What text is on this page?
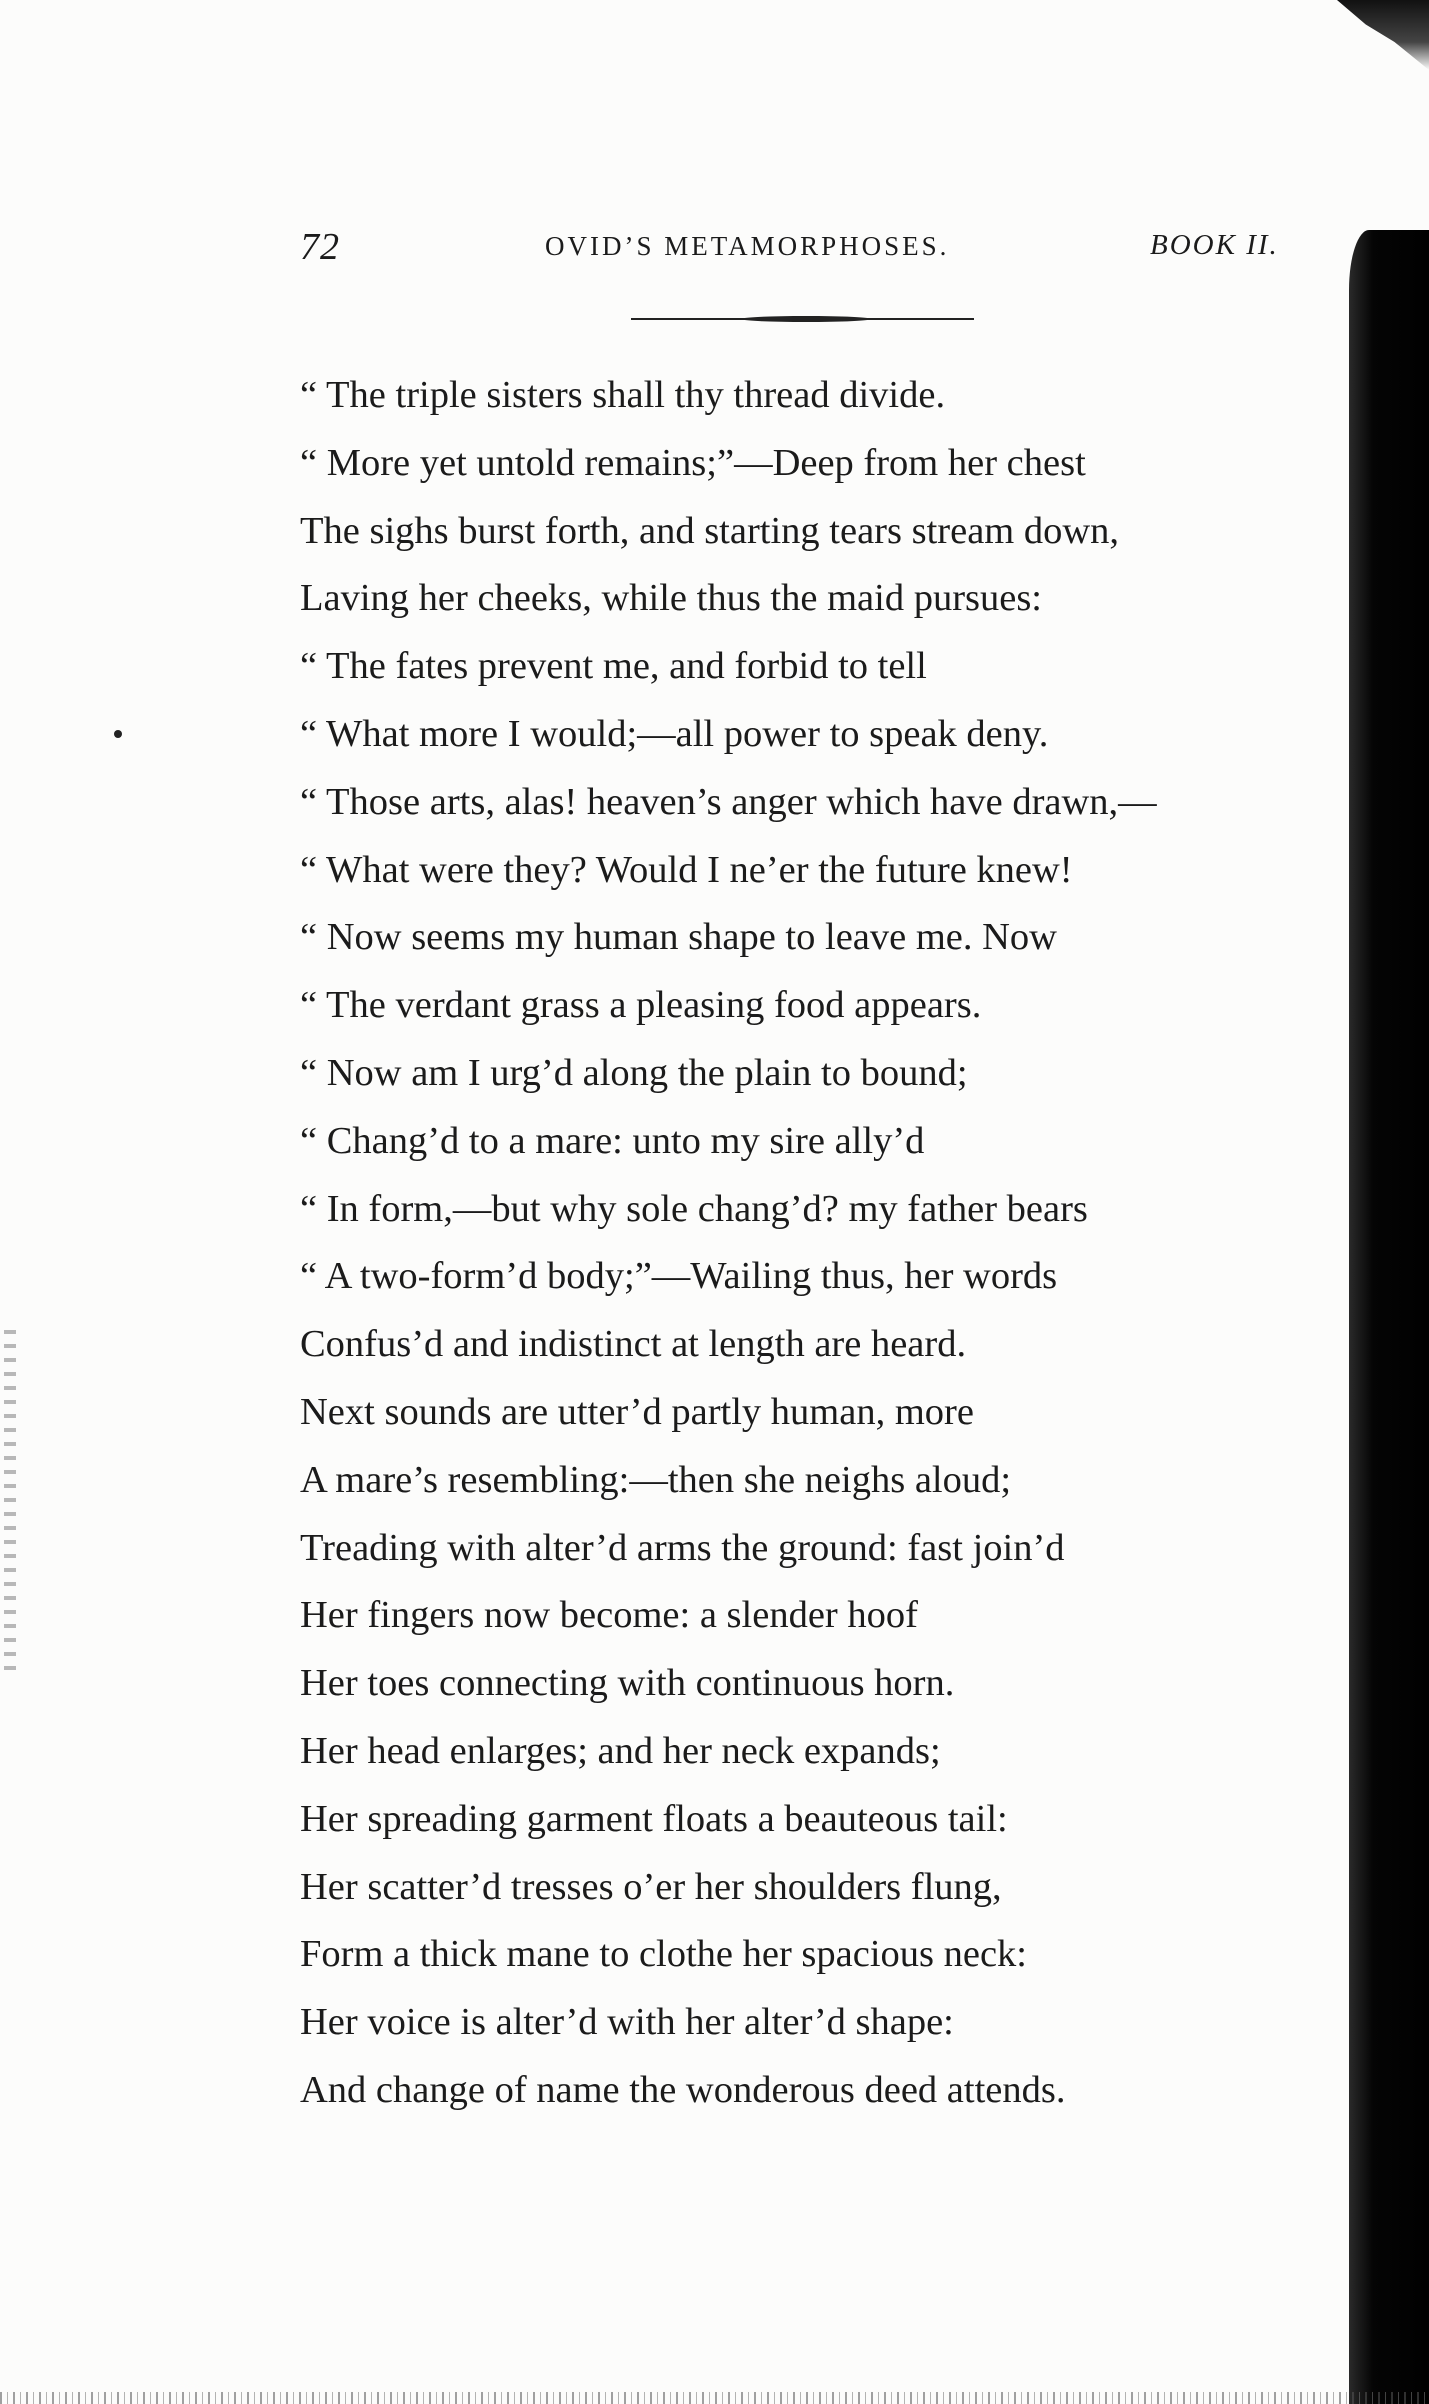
72	OVID’S METAMORPHOSES.	BOOK II.
“ The triple sisters shall thy thread divide.
“ More yet untold remains;”—Deep from her chest
The sighs burst forth, and starting tears stream down,
Laving her cheeks, while thus the maid pursues:
“ The fates prevent me, and forbid to tell
“ What more I would;—all power to speak deny.
“ Those arts, alas! heaven’s anger which have drawn,—
“ What were they? Would I ne’er the future knew!
“ Now seems my human shape to leave me. Now
“ The verdant grass a pleasing food appears.
“ Now am I urg’d along the plain to bound;
“ Chang’d to a mare: unto my sire ally’d
“ In form,—but why sole chang’d? my father bears
“ A two-form’d body;”—Wailing thus, her words
Confus’d and indistinct at length are heard.
Next sounds are utter’d partly human, more
A mare’s resembling:—then she neighs aloud;
Treading with alter’d arms the ground: fast join’d
Her fingers now become: a slender hoof
Her toes connecting with continuous horn.
Her head enlarges; and her neck expands;
Her spreading garment floats a beauteous tail:
Her scatter’d tresses o’er her shoulders flung,
Form a thick mane to clothe her spacious neck:
Her voice is alter’d with her alter’d shape:
And change of name the wonderous deed attends.
